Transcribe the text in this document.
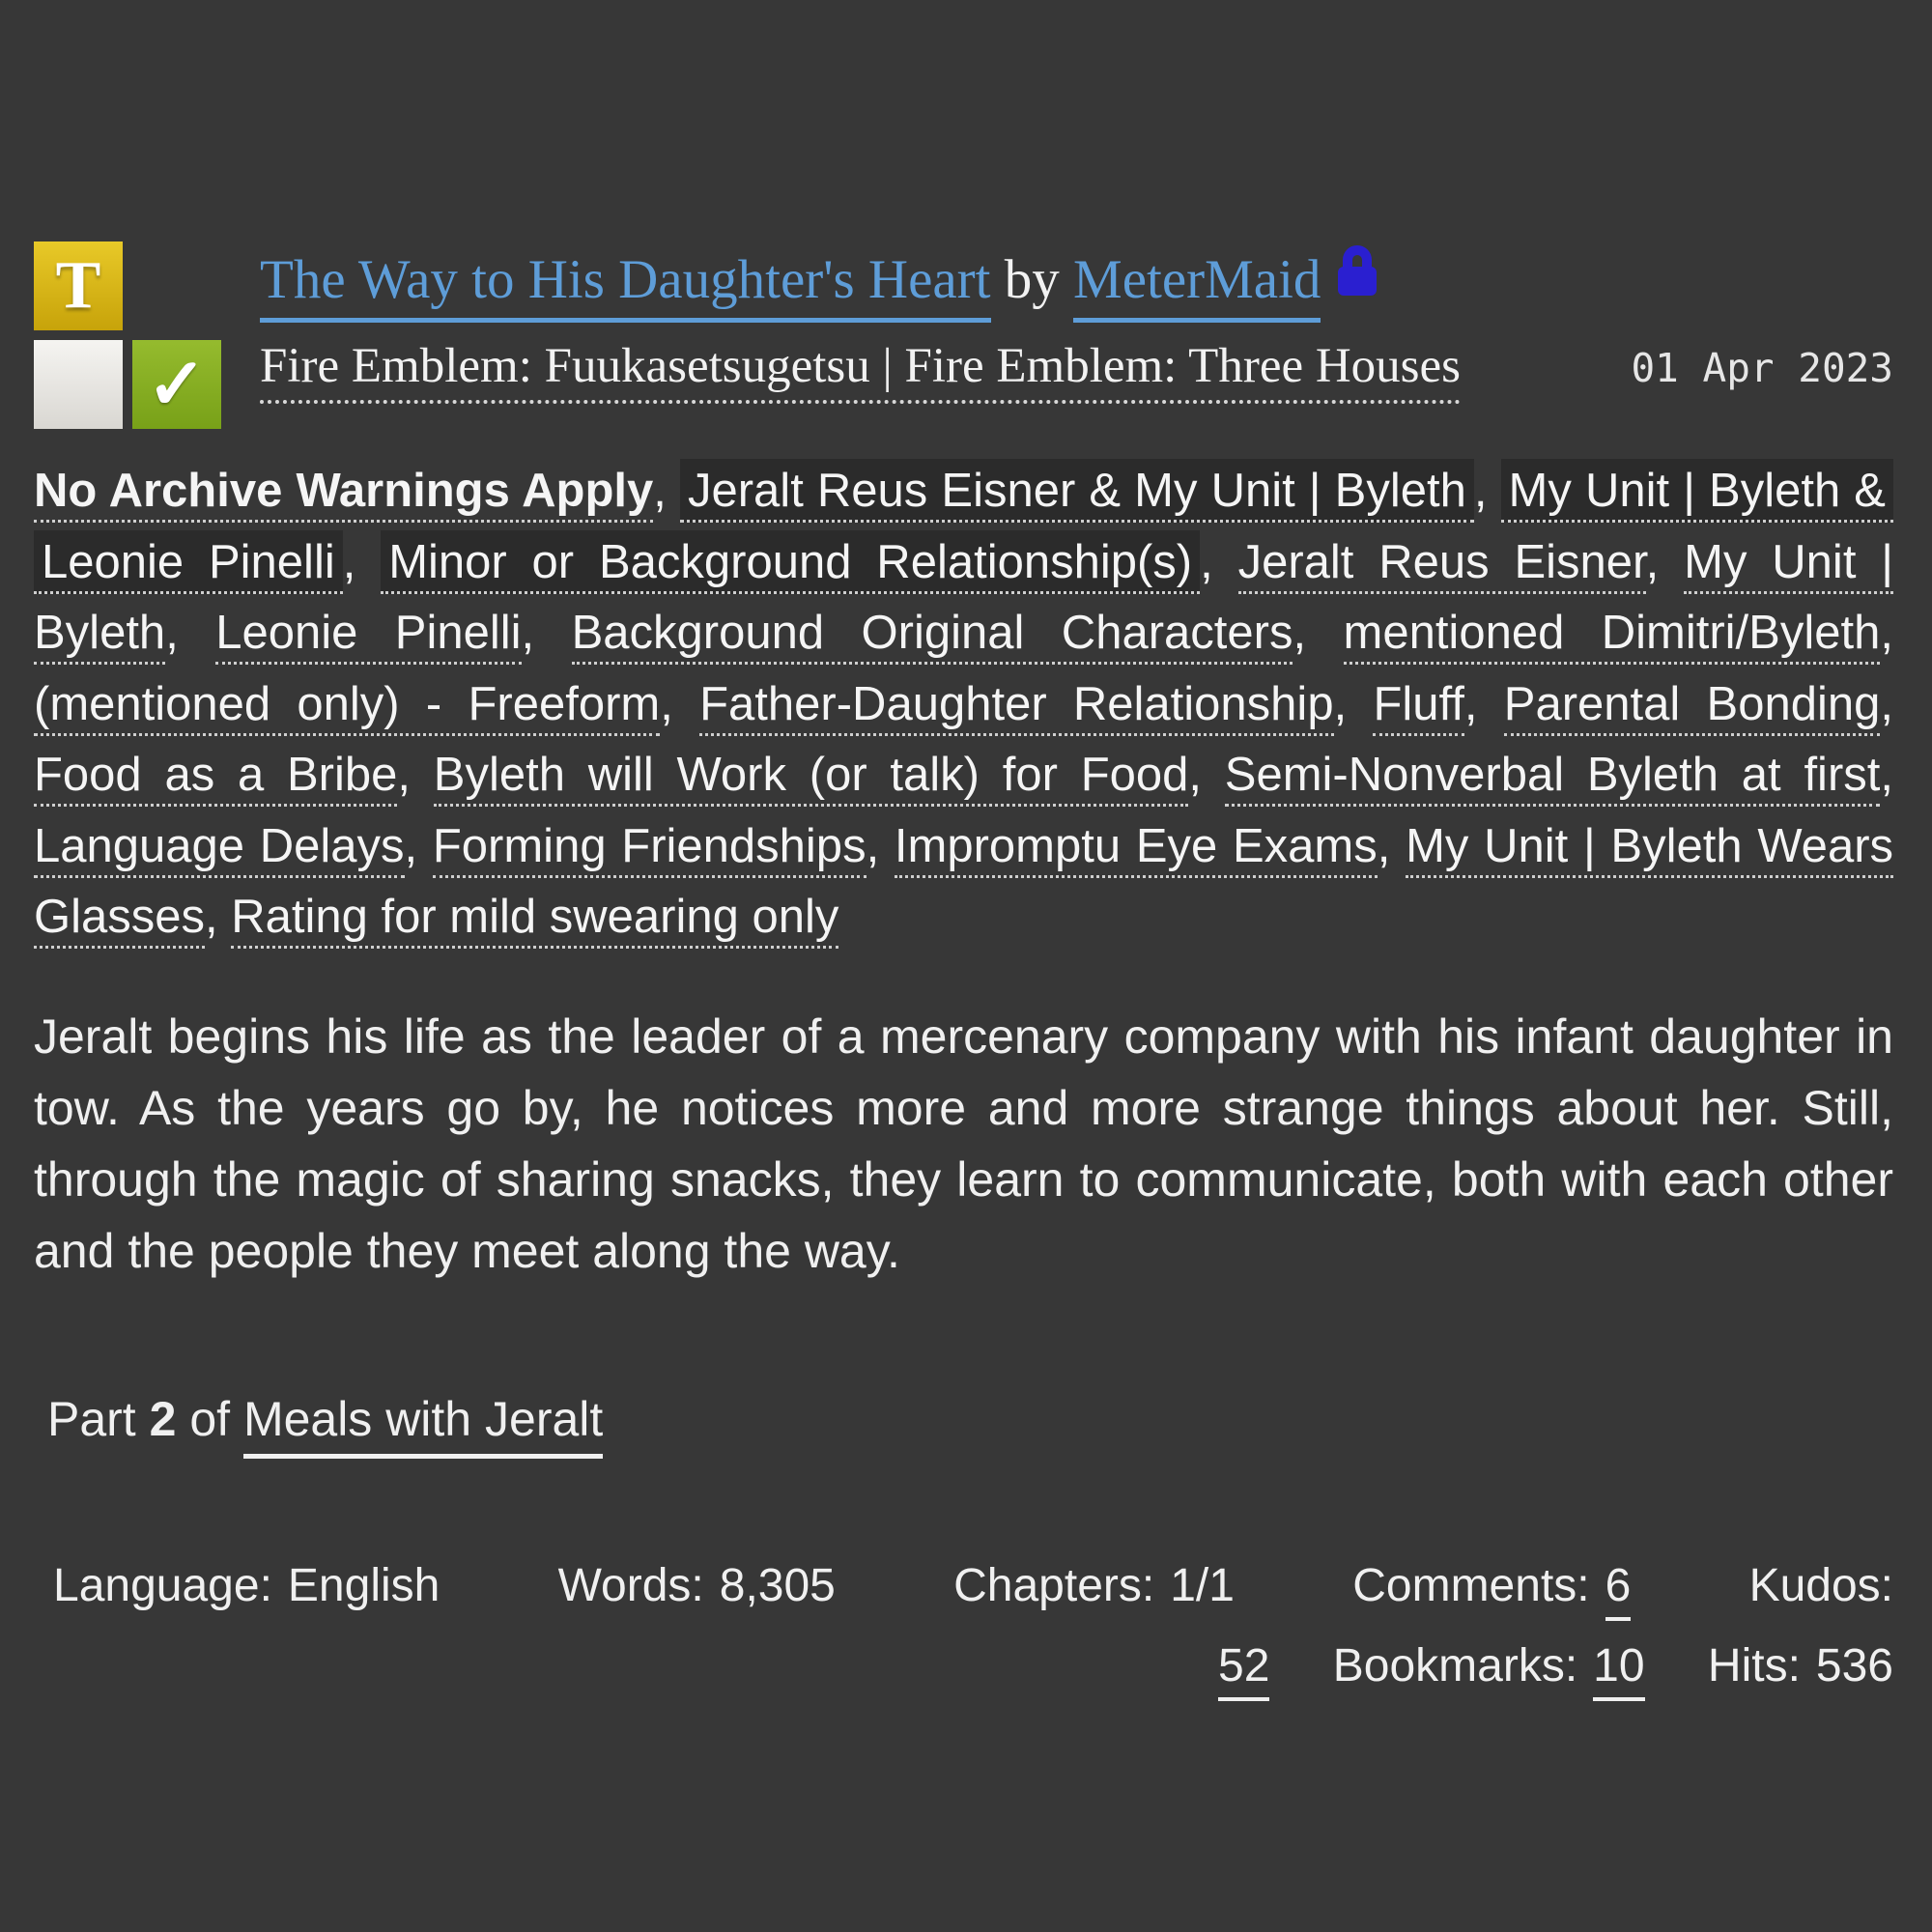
T
✓
The Way to His Daughter's Heart by MeterMaid
Fire Emblem: Fuukasetsugetsu | Fire Emblem: Three Houses	01 Apr 2023

No Archive Warnings Apply, Jeralt Reus Eisner & My Unit | Byleth , My Unit | Byleth & Leonie Pinelli , Minor or Background Relationship(s) , Jeralt Reus Eisner, My Unit | Byleth, Leonie Pinelli, Background Original Characters, mentioned Dimitri/Byleth, (mentioned only) - Freeform, Father-Daughter Relationship, Fluff, Parental Bonding, Food as a Bribe, Byleth will Work (or talk) for Food, Semi-Nonverbal Byleth at first, Language Delays, Forming Friendships, Impromptu Eye Exams, My Unit | Byleth Wears Glasses, Rating for mild swearing only

Jeralt begins his life as the leader of a mercenary company with his infant daughter in tow. As the years go by, he notices more and more strange things about her. Still, through the magic of sharing snacks, they learn to communicate, both with each other and the people they meet along the way.

Part 2 of Meals with Jeralt
Language: English	Words: 8,305	Chapters: 1/1	Comments: 6	Kudos:
52 Bookmarks: 10 Hits: 536
